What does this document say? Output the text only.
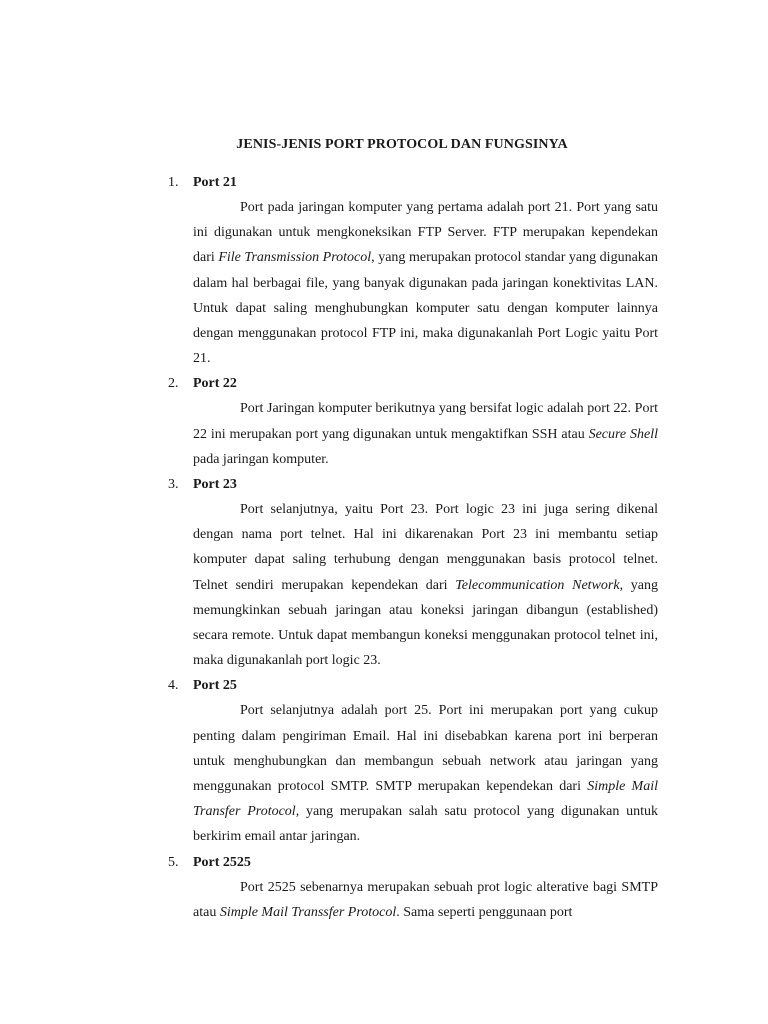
JENIS-JENIS PORT PROTOCOL DAN FUNGSINYA
1. Port 21

Port pada jaringan komputer yang pertama adalah port 21. Port yang satu ini digunakan untuk mengkoneksikan FTP Server. FTP merupakan kependekan dari File Transmission Protocol, yang merupakan protocol standar yang digunakan dalam hal berbagai file, yang banyak digunakan pada jaringan konektivitas LAN. Untuk dapat saling menghubungkan komputer satu dengan komputer lainnya dengan menggunakan protocol FTP ini, maka digunakanlah Port Logic yaitu Port 21.

2. Port 22

Port Jaringan komputer berikutnya yang bersifat logic adalah port 22. Port 22 ini merupakan port yang digunakan untuk mengaktifkan SSH atau Secure Shell pada jaringan komputer.

3. Port 23

Port selanjutnya, yaitu Port 23. Port logic 23 ini juga sering dikenal dengan nama port telnet. Hal ini dikarenakan Port 23 ini membantu setiap komputer dapat saling terhubung dengan menggunakan basis protocol telnet. Telnet sendiri merupakan kependekan dari Telecommunication Network, yang memungkinkan sebuah jaringan atau koneksi jaringan dibangun (established) secara remote. Untuk dapat membangun koneksi menggunakan protocol telnet ini, maka digunakanlah port logic 23.

4. Port 25

Port selanjutnya adalah port 25. Port ini merupakan port yang cukup penting dalam pengiriman Email. Hal ini disebabkan karena port ini berperan untuk menghubungkan dan membangun sebuah network atau jaringan yang menggunakan protocol SMTP. SMTP merupakan kependekan dari Simple Mail Transfer Protocol, yang merupakan salah satu protocol yang digunakan untuk berkirim email antar jaringan.

5. Port 2525

Port 2525 sebenarnya merupakan sebuah prot logic alterative bagi SMTP atau Simple Mail Transsfer Protocol. Sama seperti penggunaan port
